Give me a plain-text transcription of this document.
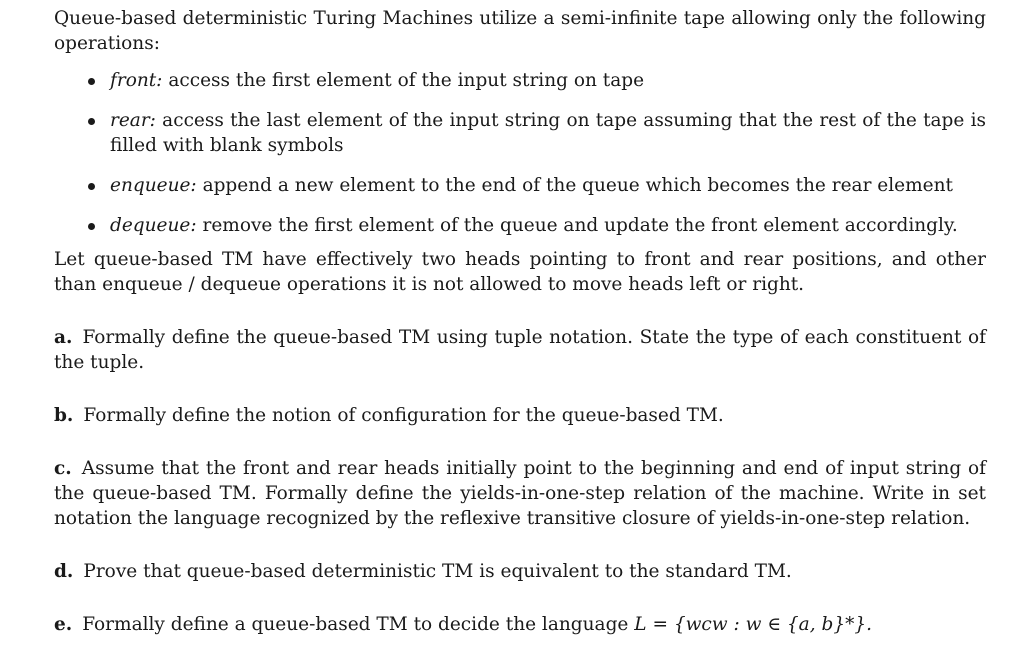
Queue-based deterministic Turing Machines utilize a semi-infinite tape allowing only the following operations:

front: access the first element of the input string on tape
rear: access the last element of the input string on tape assuming that the rest of the tape is filled with blank symbols
enqueue: append a new element to the end of the queue which becomes the rear element
dequeue: remove the first element of the queue and update the front element accordingly.

Let queue-based TM have effectively two heads pointing to front and rear positions, and other than enqueue / dequeue operations it is not allowed to move heads left or right.

a. Formally define the queue-based TM using tuple notation. State the type of each constituent of the tuple.

b. Formally define the notion of configuration for the queue-based TM.

c. Assume that the front and rear heads initially point to the beginning and end of input string of the queue-based TM. Formally define the yields-in-one-step relation of the machine. Write in set notation the language recognized by the reflexive transitive closure of yields-in-one-step relation.

d. Prove that queue-based deterministic TM is equivalent to the standard TM.

e. Formally define a queue-based TM to decide the language L = {wcw : w ∈ {a, b}*}.
